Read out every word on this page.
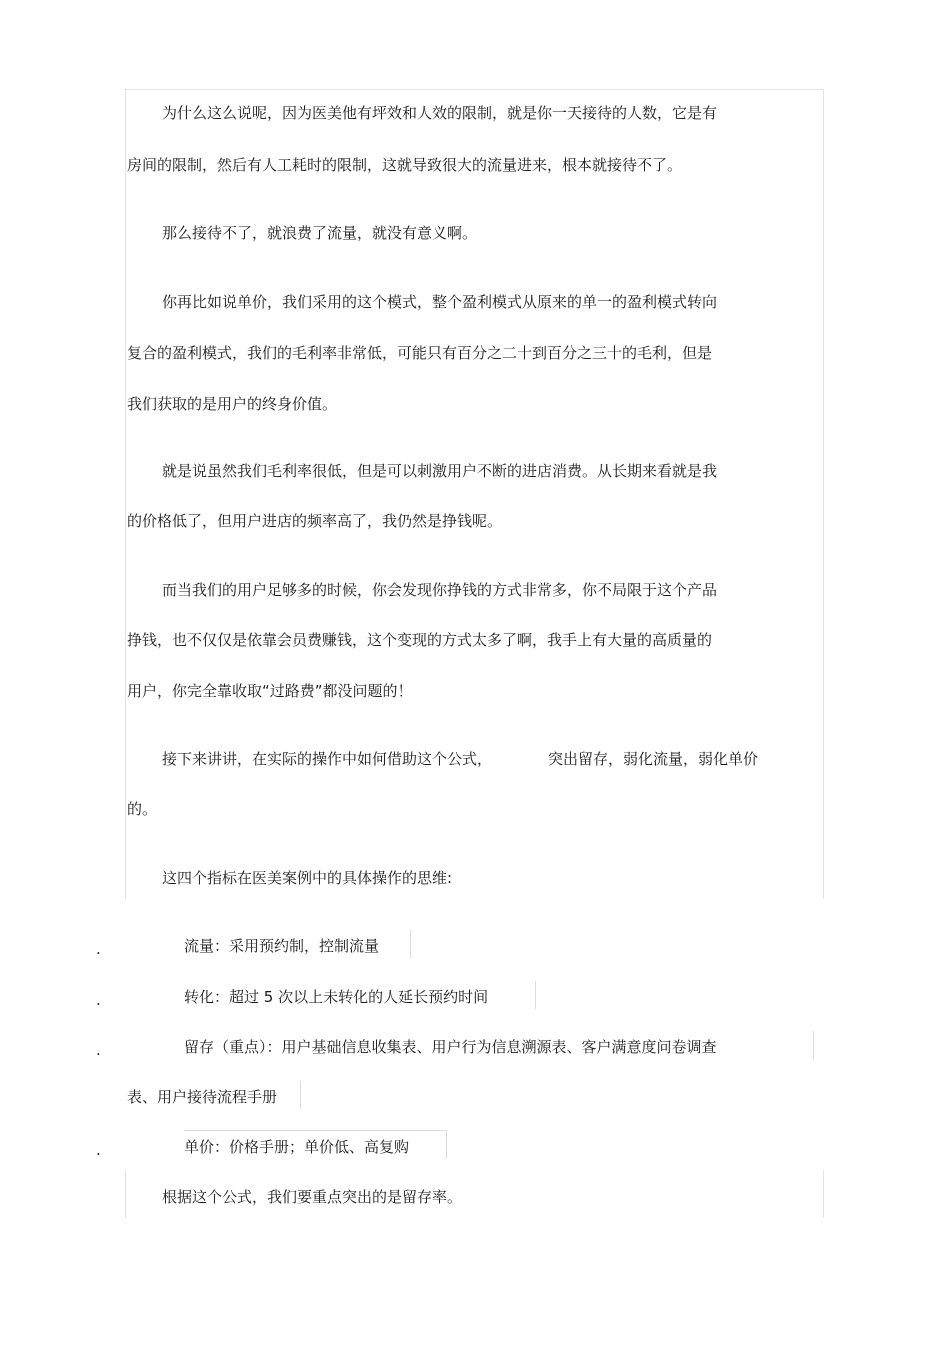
为什么这么说呢，因为医美他有坪效和人效的限制，就是你一天接待的人数，它是有
房间的限制，然后有人工耗时的限制，这就导致很大的流量进来，根本就接待不了。
那么接待不了，就浪费了流量，就没有意义啊。
你再比如说单价，我们采用的这个模式，整个盈利模式从原来的单一的盈利模式转向
复合的盈利模式，我们的毛利率非常低，可能只有百分之二十到百分之三十的毛利，但是
我们获取的是用户的终身价值。
就是说虽然我们毛利率很低，但是可以刺激用户不断的进店消费。从长期来看就是我
的价格低了，但用户进店的频率高了，我仍然是挣钱呢。
而当我们的用户足够多的时候，你会发现你挣钱的方式非常多，你不局限于这个产品
挣钱，也不仅仅是依靠会员费赚钱，这个变现的方式太多了啊，我手上有大量的高质量的
用户，你完全靠收取“过路费”都没问题的！
接下来讲讲，在实际的操作中如何借助这个公式，	突出留存，弱化流量，弱化单价
的。
这四个指标在医美案例中的具体操作的思维:
.	流量：采用预约制，控制流量
.	转化：超过 5 次以上未转化的人延长预约时间
.	留存（重点）：用户基础信息收集表、用户行为信息溯源表、客户满意度问卷调查
表、用户接待流程手册
.	单价：价格手册；单价低、高复购
根据这个公式，我们要重点突出的是留存率。
